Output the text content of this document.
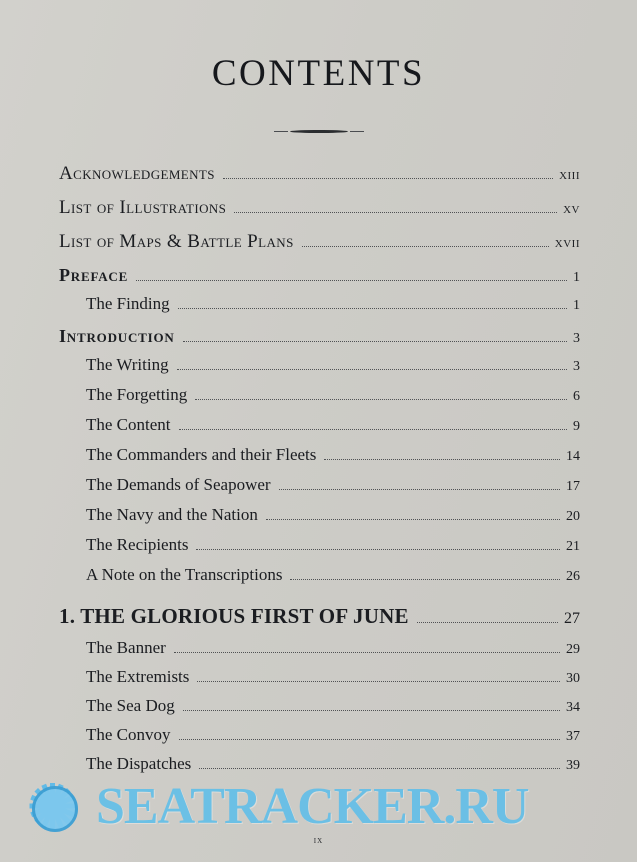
CONTENTS
Acknowledgements	xiii
List of Illustrations	xv
List of Maps & Battle Plans	xvii
Preface	1
The Finding	1
Introduction	3
The Writing	3
The Forgetting	6
The Content	9
The Commanders and their Fleets	14
The Demands of Seapower	17
The Navy and the Nation	20
The Recipients	21
A Note on the Transcriptions	26
1. THE GLORIOUS FIRST OF JUNE	27
The Banner	29
The Extremists	30
The Sea Dog	34
The Convoy	37
The Dispatches	39
SEATRACKER.RU
ix
